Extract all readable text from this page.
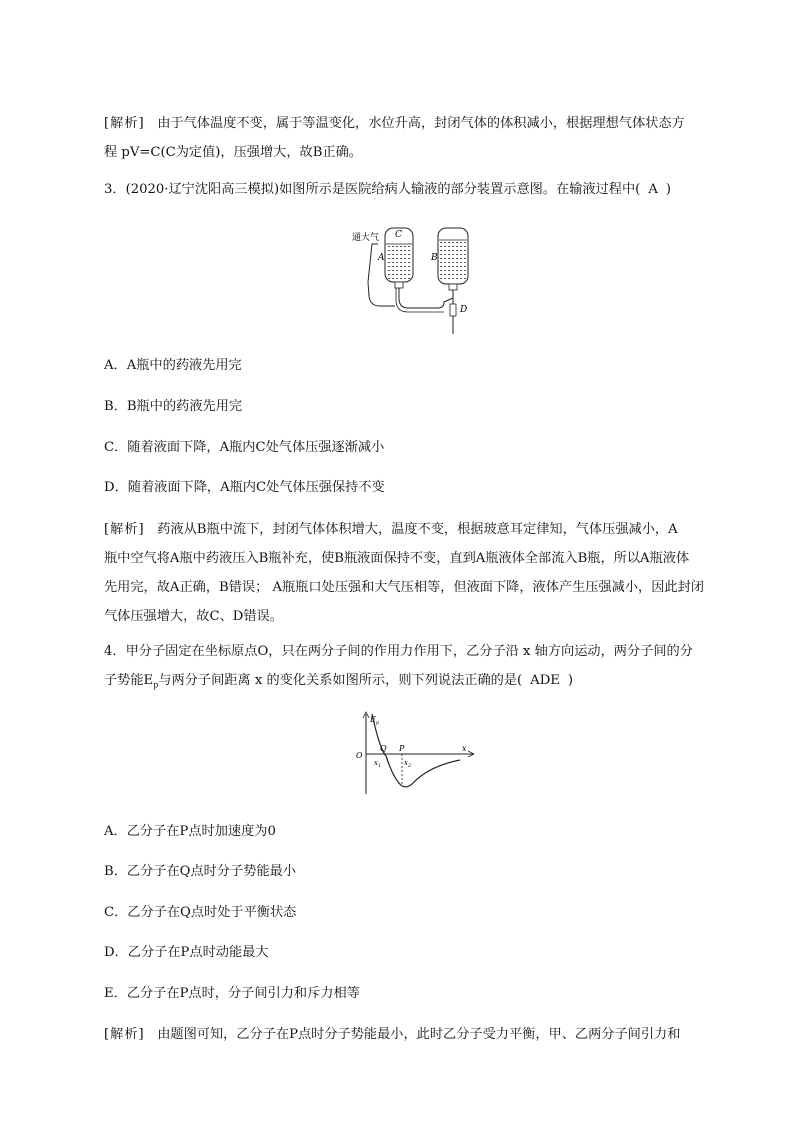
[解析] 由于气体温度不变，属于等温变化，水位升高，封闭气体的体积减小，根据理想气体状态方
程 pV=C(C为定值)，压强增大，故B正确。
3．(2020·辽宁沈阳高三模拟)如图所示是医院给病人输液的部分装置示意图。在输液过程中( A )
通大气 C
A	B
D
A．A瓶中的药液先用完
B．B瓶中的药液先用完
C．随着液面下降，A瓶内C处气体压强逐渐减小
D．随着液面下降，A瓶内C处气体压强保持不变
[解析] 药液从B瓶中流下，封闭气体体积增大，温度不变，根据玻意耳定律知，气体压强减小，A
瓶中空气将A瓶中药液压入B瓶补充，使B瓶液面保持不变，直到A瓶液体全部流入B瓶，所以A瓶液体
先用完，故A正确，B错误； A瓶瓶口处压强和大气压相等，但液面下降，液体产生压强减小，因此封闭
气体压强增大，故C、D错误。
4．甲分子固定在坐标原点O，只在两分子间的作用力作用下，乙分子沿 x 轴方向运动，两分子间的分
子势能$E_p$与两分子间距离 x 的变化关系如图所示，则下列说法正确的是( ADE )
$E_p$
O
Q P	x
$x_1$	$x_2$
A．乙分子在P点时加速度为0
B．乙分子在Q点时分子势能最小
C．乙分子在Q点时处于平衡状态
D．乙分子在P点时动能最大
E．乙分子在P点时，分子间引力和斥力相等
[解析] 由题图可知，乙分子在P点时分子势能最小，此时乙分子受力平衡，甲、乙两分子间引力和
